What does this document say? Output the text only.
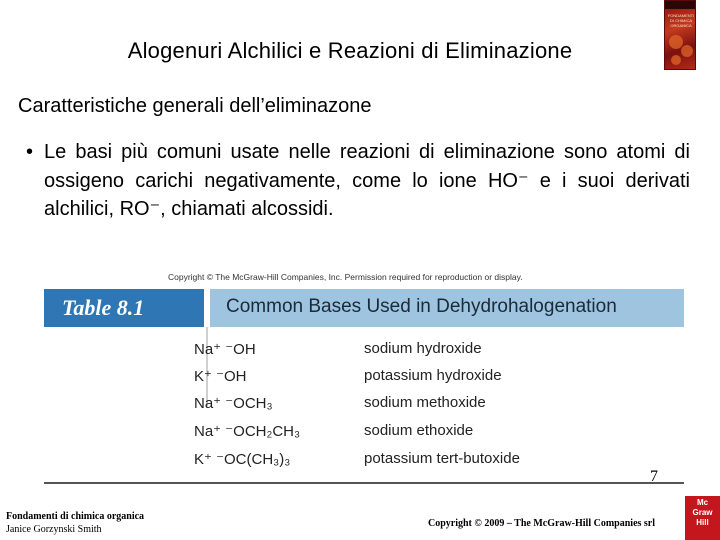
FONDAMENTI DI CHIMICA ORGANICA
Alogenuri Alchilici e Reazioni di Eliminazione
Caratteristiche generali dell’eliminazone
• Le basi più comuni usate nelle reazioni di eliminazione sono atomi di ossigeno carichi negativamente, come lo ione HO⁻ e i suoi derivati alchilici, RO⁻, chiamati alcossidi.
Copyright © The McGraw-Hill Companies, Inc. Permission required for reproduction or display.
Table 8.1	Common Bases Used in Dehydrohalogenation
Na⁺ ⁻OH	sodium hydroxide
K⁺ ⁻OH	potassium hydroxide
Na⁺ ⁻OCH₃	sodium methoxide
Na⁺ ⁻OCH₂CH₃	sodium ethoxide
K⁺ ⁻OC(CH₃)₃	potassium tert-butoxide
7
Fondamenti di chimica organica
Janice Gorzynski Smith
Copyright © 2009 – The McGraw-Hill Companies srl
Mc
Graw
Hill
